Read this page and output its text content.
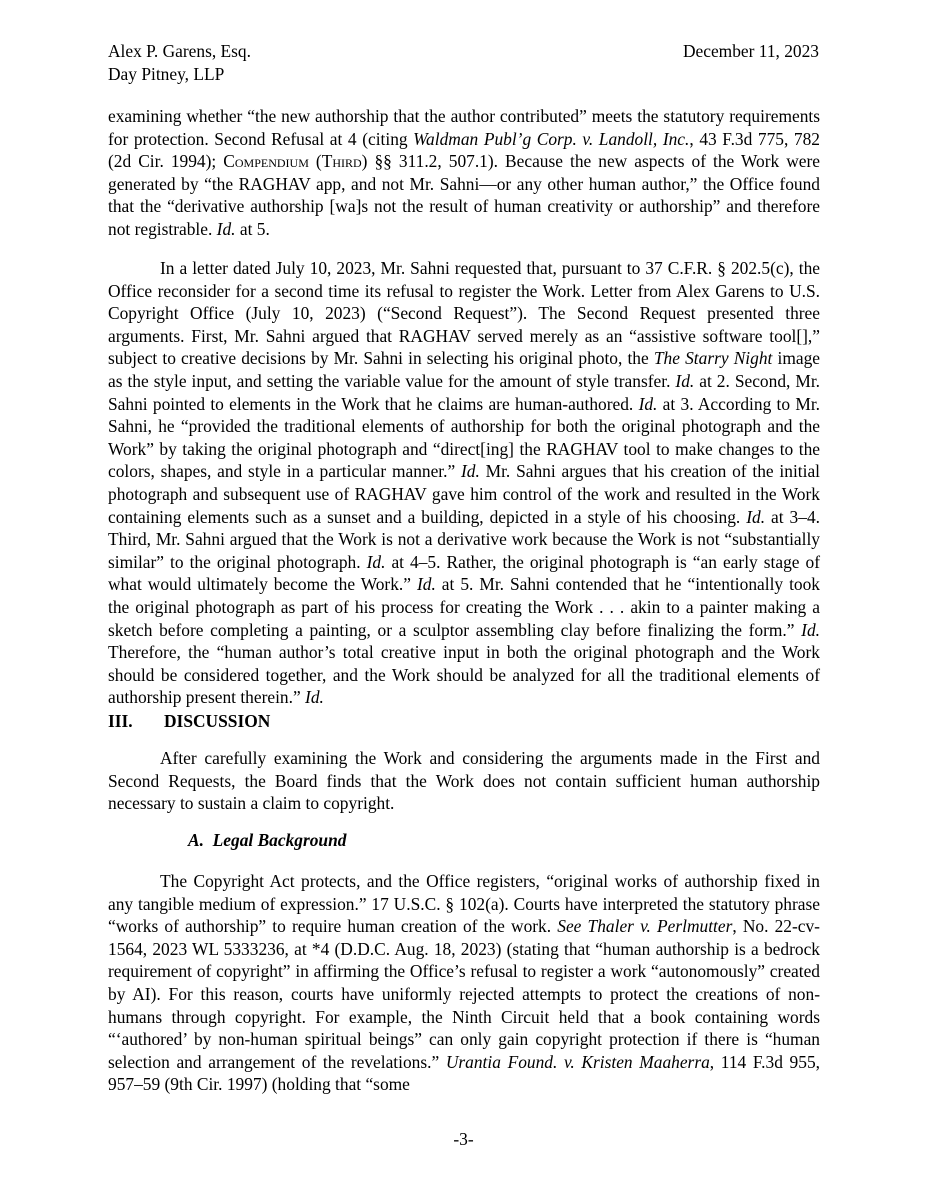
Alex P. Garens, Esq.
Day Pitney, LLP
December 11, 2023

examining whether “the new authorship that the author contributed” meets the statutory requirements for protection. Second Refusal at 4 (citing Waldman Publ’g Corp. v. Landoll, Inc., 43 F.3d 775, 782 (2d Cir. 1994); Compendium (Third) §§ 311.2, 507.1). Because the new aspects of the Work were generated by “the RAGHAV app, and not Mr. Sahni—or any other human author,” the Office found that the “derivative authorship [wa]s not the result of human creativity or authorship” and therefore not registrable. Id. at 5.

In a letter dated July 10, 2023, Mr. Sahni requested that, pursuant to 37 C.F.R. § 202.5(c), the Office reconsider for a second time its refusal to register the Work. Letter from Alex Garens to U.S. Copyright Office (July 10, 2023) (“Second Request”). The Second Request presented three arguments. First, Mr. Sahni argued that RAGHAV served merely as an “assistive software tool[],” subject to creative decisions by Mr. Sahni in selecting his original photo, the The Starry Night image as the style input, and setting the variable value for the amount of style transfer. Id. at 2. Second, Mr. Sahni pointed to elements in the Work that he claims are human-authored. Id. at 3. According to Mr. Sahni, he “provided the traditional elements of authorship for both the original photograph and the Work” by taking the original photograph and “direct[ing] the RAGHAV tool to make changes to the colors, shapes, and style in a particular manner.” Id. Mr. Sahni argues that his creation of the initial photograph and subsequent use of RAGHAV gave him control of the work and resulted in the Work containing elements such as a sunset and a building, depicted in a style of his choosing. Id. at 3–4. Third, Mr. Sahni argued that the Work is not a derivative work because the Work is not “substantially similar” to the original photograph. Id. at 4–5. Rather, the original photograph is “an early stage of what would ultimately become the Work.” Id. at 5. Mr. Sahni contended that he “intentionally took the original photograph as part of his process for creating the Work . . . akin to a painter making a sketch before completing a painting, or a sculptor assembling clay before finalizing the form.” Id. Therefore, the “human author’s total creative input in both the original photograph and the Work should be considered together, and the Work should be analyzed for all the traditional elements of authorship present therein.” Id.

III. DISCUSSION

After carefully examining the Work and considering the arguments made in the First and Second Requests, the Board finds that the Work does not contain sufficient human authorship necessary to sustain a claim to copyright.

A. Legal Background

The Copyright Act protects, and the Office registers, “original works of authorship fixed in any tangible medium of expression.” 17 U.S.C. § 102(a). Courts have interpreted the statutory phrase “works of authorship” to require human creation of the work. See Thaler v. Perlmutter, No. 22-cv-1564, 2023 WL 5333236, at *4 (D.D.C. Aug. 18, 2023) (stating that “human authorship is a bedrock requirement of copyright” in affirming the Office’s refusal to register a work “autonomously” created by AI). For this reason, courts have uniformly rejected attempts to protect the creations of non-humans through copyright. For example, the Ninth Circuit held that a book containing words “‘authored’ by non-human spiritual beings” can only gain copyright protection if there is “human selection and arrangement of the revelations.” Urantia Found. v. Kristen Maaherra, 114 F.3d 955, 957–59 (9th Cir. 1997) (holding that “some

-3-
